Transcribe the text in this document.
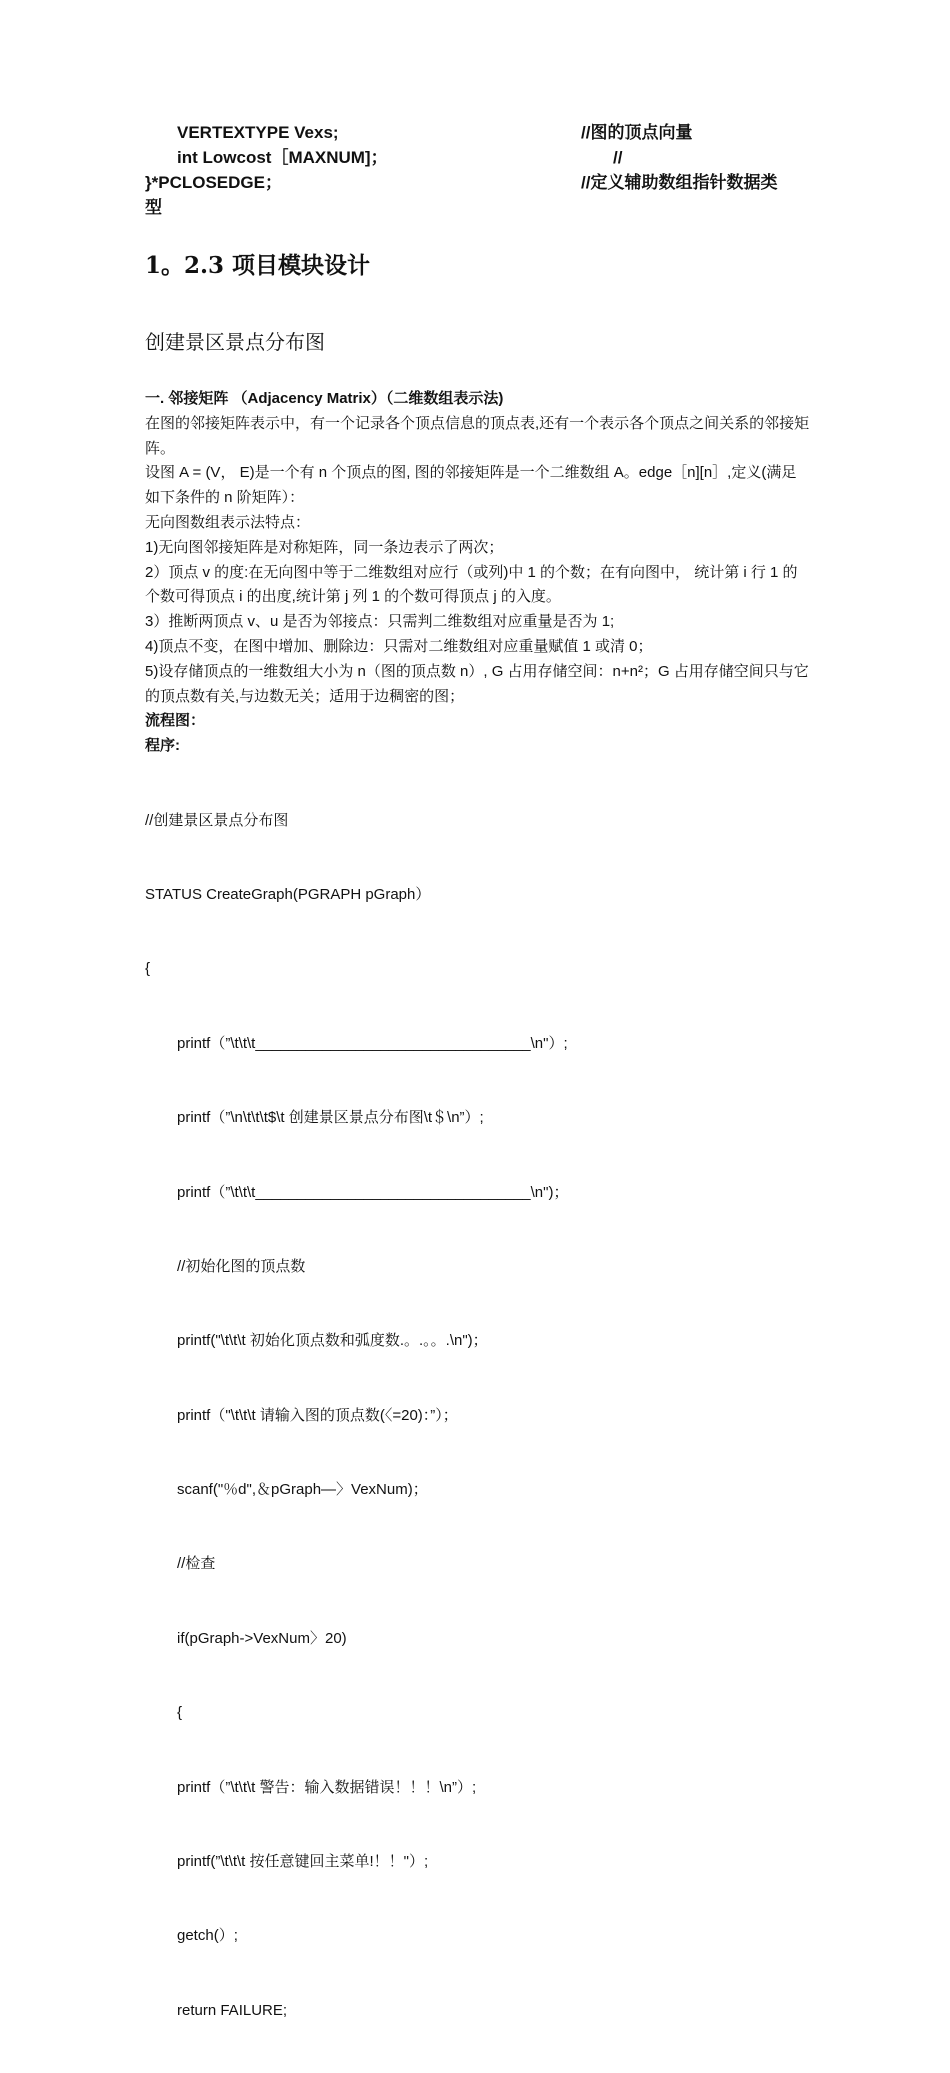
VERTEXTYPE Vexs;	//图的顶点向量
int Lowcost［MAXNUM]；	//
}*PCLOSEDGE；	//定义辅助数组指针数据类
型
1。2.3 项目模块设计
创建景区景点分布图

一. 邻接矩阵 （Adjacency Matrix）（二维数组表示法)

在图的邻接矩阵表示中，有一个记录各个顶点信息的顶点表,还有一个表示各个顶点之间关系的邻接矩阵。

设图 A = (V， E)是一个有 n 个顶点的图, 图的邻接矩阵是一个二维数组 A。edge［n][n］,定义(满足如下条件的 n 阶矩阵）：

无向图数组表示法特点：

1)无向图邻接矩阵是对称矩阵，同一条边表示了两次；

2）顶点 v 的度:在无向图中等于二维数组对应行（或列)中 1 的个数；在有向图中， 统计第 i 行 1 的个数可得顶点 i 的出度,统计第 j 列 1 的个数可得顶点 j 的入度。

3）推断两顶点 v、u 是否为邻接点：只需判二维数组对应重量是否为 1;

4)顶点不变，在图中增加、删除边：只需对二维数组对应重量赋值 1 或清 0；

5)设存储顶点的一维数组大小为 n（图的顶点数 n）, G 占用存储空间：n+n²；G 占用存储空间只与它的顶点数有关,与边数无关；适用于边稠密的图；

流程图：

程序:

//创建景区景点分布图

STATUS CreateGraph(PGRAPH pGraph）

{

printf（”\t\t\t_________________________________\n"）;

printf（”\n\t\t\t$\t 创建景区景点分布图\t＄\n”）;

printf（”\t\t\t_________________________________\n")；

//初始化图的顶点数

printf("\t\t\t 初始化顶点数和弧度数.。.。。.\n")；

printf（"\t\t\t 请输入图的顶点数(〈=20)：”）；

scanf("％d",＆pGraph—〉VexNum)；

//检查

if(pGraph->VexNum〉20)

{

printf（”\t\t\t 警告：输入数据错误！！！\n”）;

printf(”\t\t\t 按任意键回主菜单!！！"）;

getch(）;

return FAILURE;
